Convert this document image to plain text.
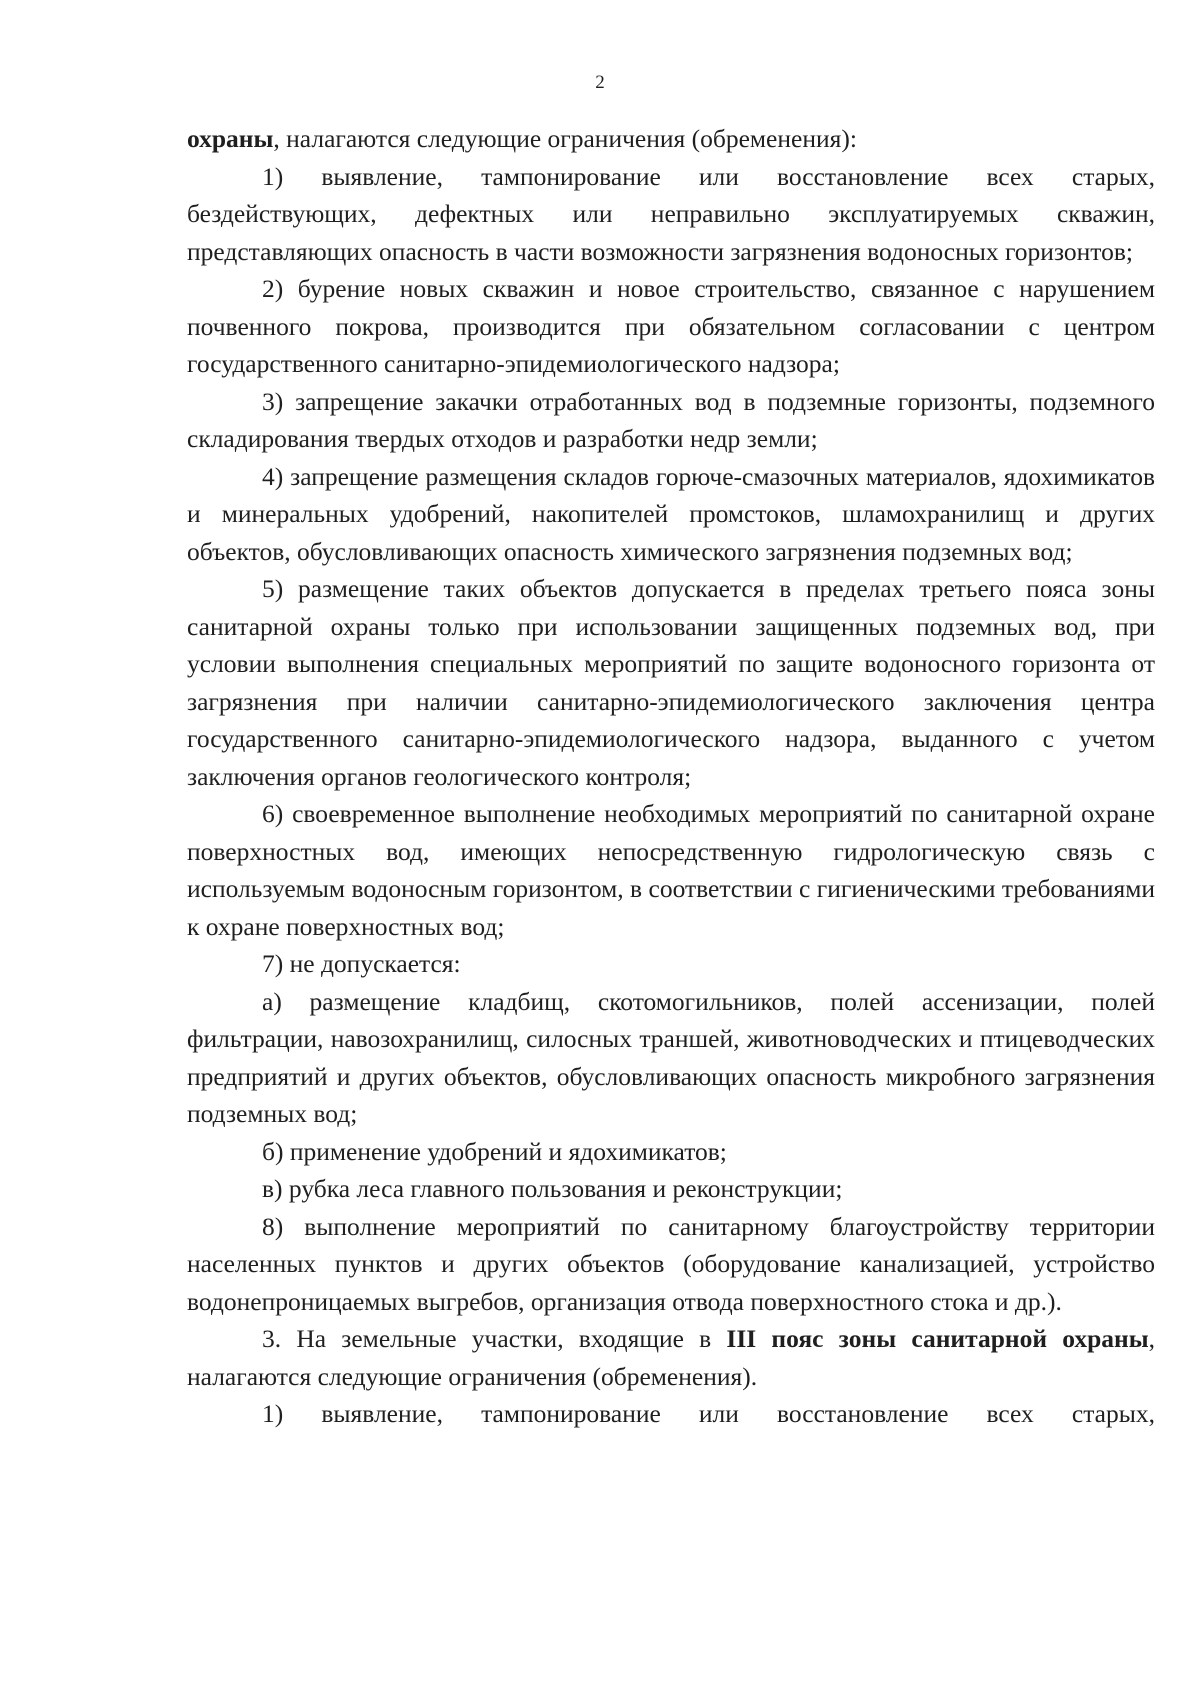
2

охраны, налагаются следующие ограничения (обременения):

1) выявление, тампонирование или восстановление всех старых, бездействующих, дефектных или неправильно эксплуатируемых скважин, представляющих опасность в части возможности загрязнения водоносных горизонтов;

2) бурение новых скважин и новое строительство, связанное с нарушением почвенного покрова, производится при обязательном согласовании с центром государственного санитарно-эпидемиологического надзора;

3) запрещение закачки отработанных вод в подземные горизонты, подземного складирования твердых отходов и разработки недр земли;

4) запрещение размещения складов горюче-смазочных материалов, ядохимикатов и минеральных удобрений, накопителей промстоков, шламохранилищ и других объектов, обусловливающих опасность химического загрязнения подземных вод;

5) размещение таких объектов допускается в пределах третьего пояса зоны санитарной охраны только при использовании защищенных подземных вод, при условии выполнения специальных мероприятий по защите водоносного горизонта от загрязнения при наличии санитарно-эпидемиологического заключения центра государственного санитарно-эпидемиологического надзора, выданного с учетом заключения органов геологического контроля;

6) своевременное выполнение необходимых мероприятий по санитарной охране поверхностных вод, имеющих непосредственную гидрологическую связь с используемым водоносным горизонтом, в соответствии с гигиеническими требованиями к охране поверхностных вод;

7) не допускается:

а) размещение кладбищ, скотомогильников, полей ассенизации, полей фильтрации, навозохранилищ, силосных траншей, животноводческих и птицеводческих предприятий и других объектов, обусловливающих опасность микробного загрязнения подземных вод;

б) применение удобрений и ядохимикатов;

в) рубка леса главного пользования и реконструкции;

8) выполнение мероприятий по санитарному благоустройству территории населенных пунктов и других объектов (оборудование канализацией, устройство водонепроницаемых выгребов, организация отвода поверхностного стока и др.).

3. На земельные участки, входящие в III пояс зоны санитарной охраны, налагаются следующие ограничения (обременения).

1) выявление, тампонирование или восстановление всех старых,
